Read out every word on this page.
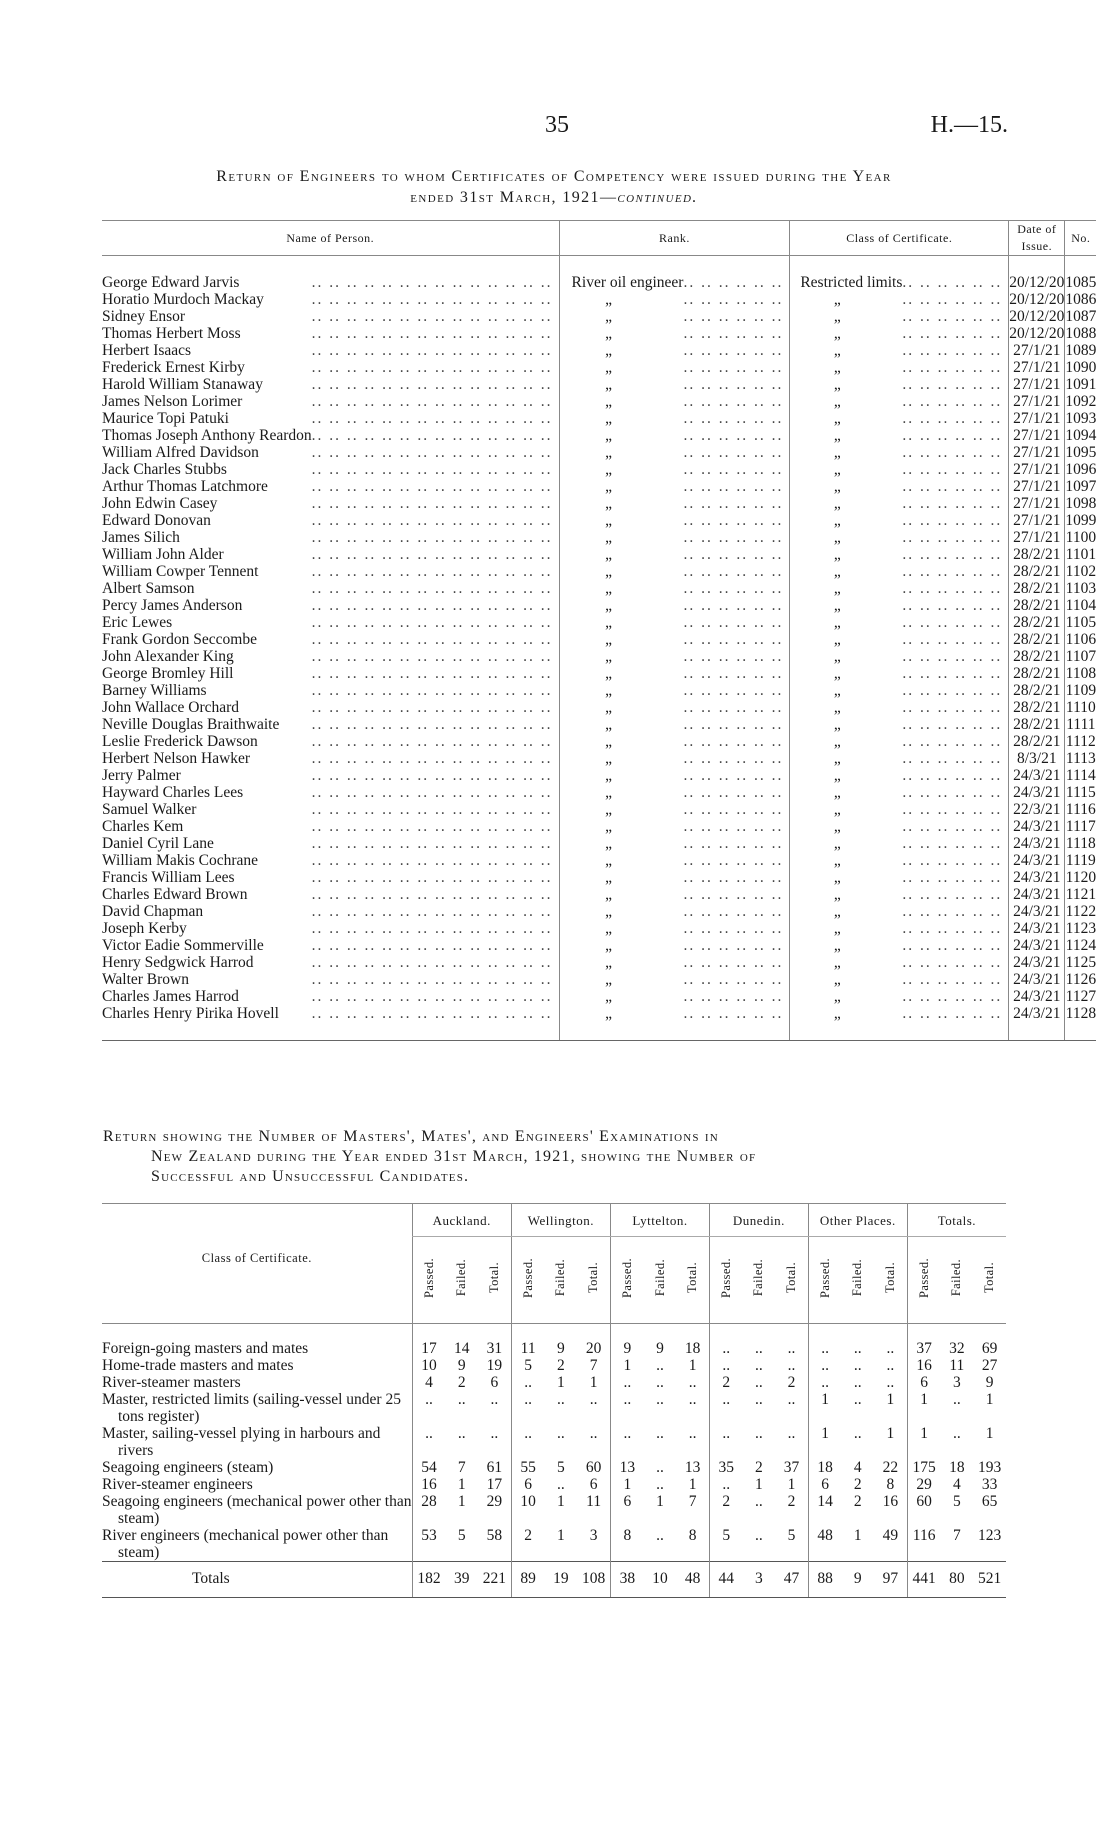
35	H.—15.
Return of Engineers to whom Certificates of Competency were issued during the Year
ended 31st March, 1921—continued.
Name of Person.	Rank.	Class of Certificate.	Date of Issue.	No.

George Edward Jarvis .. .. .. .. .. .. .. .. .. .. .. .. .. ..	River oil engineer .. .. .. .. .. ..	Restricted limits .. .. .. .. .. ..	20/12/20	1085

Horatio Murdoch Mackay .. .. .. .. .. .. .. .. .. .. .. .. .. ..	„ .. .. .. .. .. ..	„ .. .. .. .. .. ..	20/12/20	1086

Sidney Ensor .. .. .. .. .. .. .. .. .. .. .. .. .. ..	„ .. .. .. .. .. ..	„ .. .. .. .. .. ..	20/12/20	1087

Thomas Herbert Moss .. .. .. .. .. .. .. .. .. .. .. .. .. ..	„ .. .. .. .. .. ..	„ .. .. .. .. .. ..	20/12/20	1088

Herbert Isaacs .. .. .. .. .. .. .. .. .. .. .. .. .. ..	„ .. .. .. .. .. ..	„ .. .. .. .. .. ..	27/1/21	1089

Frederick Ernest Kirby .. .. .. .. .. .. .. .. .. .. .. .. .. ..	„ .. .. .. .. .. ..	„ .. .. .. .. .. ..	27/1/21	1090

Harold William Stanaway .. .. .. .. .. .. .. .. .. .. .. .. .. ..	„ .. .. .. .. .. ..	„ .. .. .. .. .. ..	27/1/21	1091

James Nelson Lorimer .. .. .. .. .. .. .. .. .. .. .. .. .. ..	„ .. .. .. .. .. ..	„ .. .. .. .. .. ..	27/1/21	1092

Maurice Topi Patuki .. .. .. .. .. .. .. .. .. .. .. .. .. ..	„ .. .. .. .. .. ..	„ .. .. .. .. .. ..	27/1/21	1093

Thomas Joseph Anthony Reardon .. .. .. .. .. .. .. .. .. .. .. .. .. ..	„ .. .. .. .. .. ..	„ .. .. .. .. .. ..	27/1/21	1094

William Alfred Davidson .. .. .. .. .. .. .. .. .. .. .. .. .. ..	„ .. .. .. .. .. ..	„ .. .. .. .. .. ..	27/1/21	1095

Jack Charles Stubbs .. .. .. .. .. .. .. .. .. .. .. .. .. ..	„ .. .. .. .. .. ..	„ .. .. .. .. .. ..	27/1/21	1096

Arthur Thomas Latchmore .. .. .. .. .. .. .. .. .. .. .. .. .. ..	„ .. .. .. .. .. ..	„ .. .. .. .. .. ..	27/1/21	1097

John Edwin Casey .. .. .. .. .. .. .. .. .. .. .. .. .. ..	„ .. .. .. .. .. ..	„ .. .. .. .. .. ..	27/1/21	1098

Edward Donovan .. .. .. .. .. .. .. .. .. .. .. .. .. ..	„ .. .. .. .. .. ..	„ .. .. .. .. .. ..	27/1/21	1099

James Silich .. .. .. .. .. .. .. .. .. .. .. .. .. ..	„ .. .. .. .. .. ..	„ .. .. .. .. .. ..	27/1/21	1100

William John Alder .. .. .. .. .. .. .. .. .. .. .. .. .. ..	„ .. .. .. .. .. ..	„ .. .. .. .. .. ..	28/2/21	1101

William Cowper Tennent .. .. .. .. .. .. .. .. .. .. .. .. .. ..	„ .. .. .. .. .. ..	„ .. .. .. .. .. ..	28/2/21	1102

Albert Samson .. .. .. .. .. .. .. .. .. .. .. .. .. ..	„ .. .. .. .. .. ..	„ .. .. .. .. .. ..	28/2/21	1103

Percy James Anderson .. .. .. .. .. .. .. .. .. .. .. .. .. ..	„ .. .. .. .. .. ..	„ .. .. .. .. .. ..	28/2/21	1104

Eric Lewes .. .. .. .. .. .. .. .. .. .. .. .. .. ..	„ .. .. .. .. .. ..	„ .. .. .. .. .. ..	28/2/21	1105

Frank Gordon Seccombe .. .. .. .. .. .. .. .. .. .. .. .. .. ..	„ .. .. .. .. .. ..	„ .. .. .. .. .. ..	28/2/21	1106

John Alexander King .. .. .. .. .. .. .. .. .. .. .. .. .. ..	„ .. .. .. .. .. ..	„ .. .. .. .. .. ..	28/2/21	1107

George Bromley Hill .. .. .. .. .. .. .. .. .. .. .. .. .. ..	„ .. .. .. .. .. ..	„ .. .. .. .. .. ..	28/2/21	1108

Barney Williams .. .. .. .. .. .. .. .. .. .. .. .. .. ..	„ .. .. .. .. .. ..	„ .. .. .. .. .. ..	28/2/21	1109

John Wallace Orchard .. .. .. .. .. .. .. .. .. .. .. .. .. ..	„ .. .. .. .. .. ..	„ .. .. .. .. .. ..	28/2/21	1110

Neville Douglas Braithwaite .. .. .. .. .. .. .. .. .. .. .. .. .. ..	„ .. .. .. .. .. ..	„ .. .. .. .. .. ..	28/2/21	1111

Leslie Frederick Dawson .. .. .. .. .. .. .. .. .. .. .. .. .. ..	„ .. .. .. .. .. ..	„ .. .. .. .. .. ..	28/2/21	1112

Herbert Nelson Hawker .. .. .. .. .. .. .. .. .. .. .. .. .. ..	„ .. .. .. .. .. ..	„ .. .. .. .. .. ..	8/3/21	1113

Jerry Palmer .. .. .. .. .. .. .. .. .. .. .. .. .. ..	„ .. .. .. .. .. ..	„ .. .. .. .. .. ..	24/3/21	1114

Hayward Charles Lees .. .. .. .. .. .. .. .. .. .. .. .. .. ..	„ .. .. .. .. .. ..	„ .. .. .. .. .. ..	24/3/21	1115

Samuel Walker .. .. .. .. .. .. .. .. .. .. .. .. .. ..	„ .. .. .. .. .. ..	„ .. .. .. .. .. ..	22/3/21	1116

Charles Kem .. .. .. .. .. .. .. .. .. .. .. .. .. ..	„ .. .. .. .. .. ..	„ .. .. .. .. .. ..	24/3/21	1117

Daniel Cyril Lane .. .. .. .. .. .. .. .. .. .. .. .. .. ..	„ .. .. .. .. .. ..	„ .. .. .. .. .. ..	24/3/21	1118

William Makis Cochrane .. .. .. .. .. .. .. .. .. .. .. .. .. ..	„ .. .. .. .. .. ..	„ .. .. .. .. .. ..	24/3/21	1119

Francis William Lees .. .. .. .. .. .. .. .. .. .. .. .. .. ..	„ .. .. .. .. .. ..	„ .. .. .. .. .. ..	24/3/21	1120

Charles Edward Brown .. .. .. .. .. .. .. .. .. .. .. .. .. ..	„ .. .. .. .. .. ..	„ .. .. .. .. .. ..	24/3/21	1121

David Chapman .. .. .. .. .. .. .. .. .. .. .. .. .. ..	„ .. .. .. .. .. ..	„ .. .. .. .. .. ..	24/3/21	1122

Joseph Kerby .. .. .. .. .. .. .. .. .. .. .. .. .. ..	„ .. .. .. .. .. ..	„ .. .. .. .. .. ..	24/3/21	1123

Victor Eadie Sommerville .. .. .. .. .. .. .. .. .. .. .. .. .. ..	„ .. .. .. .. .. ..	„ .. .. .. .. .. ..	24/3/21	1124

Henry Sedgwick Harrod .. .. .. .. .. .. .. .. .. .. .. .. .. ..	„ .. .. .. .. .. ..	„ .. .. .. .. .. ..	24/3/21	1125

Walter Brown .. .. .. .. .. .. .. .. .. .. .. .. .. ..	„ .. .. .. .. .. ..	„ .. .. .. .. .. ..	24/3/21	1126

Charles James Harrod .. .. .. .. .. .. .. .. .. .. .. .. .. ..	„ .. .. .. .. .. ..	„ .. .. .. .. .. ..	24/3/21	1127

Charles Henry Pirika Hovell .. .. .. .. .. .. .. .. .. .. .. .. .. ..	„ .. .. .. .. .. ..	„ .. .. .. .. .. ..	24/3/21	1128
Return showing the Number of Masters', Mates', and Engineers' Examinations in
New Zealand during the Year ended 31st March, 1921, showing the Number of
Successful and Unsuccessful Candidates.
Class of Certificate.	Auckland.			Wellington.			Lyttelton.			Dunedin.			Other Places.			Totals.		
	Passed.	Failed.	Total.	Passed.	Failed.	Total.	Passed.	Failed.	Total.	Passed.	Failed.	Total.	Passed.	Failed.	Total.	Passed.	Failed.	Total.

Foreign-going masters and mates	17	14	31	11	9	20	9	9	18	..	..	..	..	..	..	37	32	69

Home-trade masters and mates	10	9	19	5	2	7	1	..	1	..	..	..	..	..	..	16	11	27

River-steamer masters	4	2	6	..	1	1	..	..	..	2	..	2	..	..	..	6	3	9

Master, restricted limits (sailing-vessel under 25 tons register)	..	..	..	..	..	..	..	..	..	..	..	..	1	..	1	1	..	1

Master, sailing-vessel plying in harbours and rivers	..	..	..	..	..	..	..	..	..	..	..	..	1	..	1	1	..	1

Seagoing engineers (steam)	54	7	61	55	5	60	13	..	13	35	2	37	18	4	22	175	18	193

River-steamer engineers	16	1	17	6	..	6	1	..	1	..	1	1	6	2	8	29	4	33

Seagoing engineers (mechanical power other than steam)	28	1	29	10	1	11	6	1	7	2	..	2	14	2	16	60	5	65

River engineers (mechanical power other than steam)	53	5	58	2	1	3	8	..	8	5	..	5	48	1	49	116	7	123

Totals	182	39	221	89	19	108	38	10	48	44	3	47	88	9	97	441	80	521
